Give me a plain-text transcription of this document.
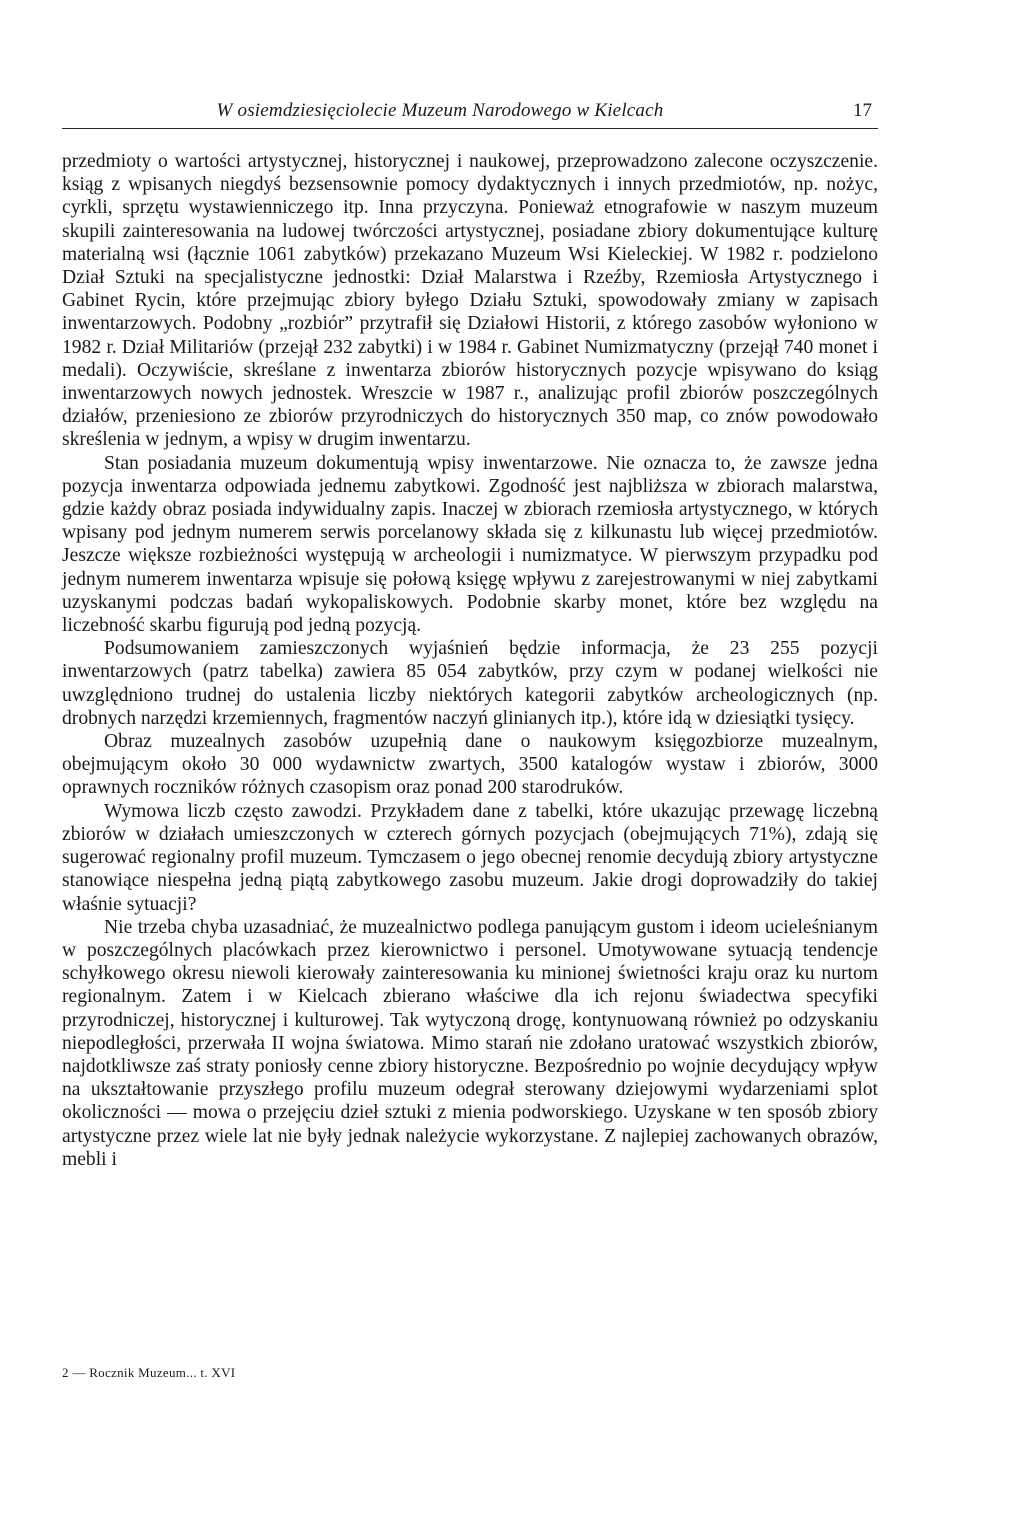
W osiemdziesięciolecie Muzeum Narodowego w Kielcach	17

przedmioty o wartości artystycznej, historycznej i naukowej, przeprowadzono zalecone oczyszczenie. ksiąg z wpisanych niegdyś bezsensownie pomocy dydaktycznych i innych przedmiotów, np. nożyc, cyrkli, sprzętu wystawienniczego itp. Inna przyczyna. Ponieważ etnografowie w naszym muzeum skupili zainteresowania na ludowej twórczości artystycznej, posiadane zbiory dokumentujące kulturę materialną wsi (łącznie 1061 zabytków) przekazano Muzeum Wsi Kieleckiej. W 1982 r. podzielono Dział Sztuki na specjalistyczne jednostki: Dział Malarstwa i Rzeźby, Rzemiosła Artystycznego i Gabinet Rycin, które przejmując zbiory byłego Działu Sztuki, spowodowały zmiany w zapisach inwentarzowych. Podobny „rozbiór” przytrafił się Działowi Historii, z którego zasobów wyłoniono w 1982 r. Dział Militariów (przejął 232 zabytki) i w 1984 r. Gabinet Numizmatyczny (przejął 740 monet i medali). Oczywiście, skreślane z inwentarza zbiorów historycznych pozycje wpisywano do ksiąg inwentarzowych nowych jednostek. Wreszcie w 1987 r., analizując profil zbiorów poszczególnych działów, przeniesiono ze zbiorów przyrodniczych do historycznych 350 map, co znów powodowało skreślenia w jednym, a wpisy w drugim inwentarzu.

Stan posiadania muzeum dokumentują wpisy inwentarzowe. Nie oznacza to, że zawsze jedna pozycja inwentarza odpowiada jednemu zabytkowi. Zgodność jest najbliższa w zbiorach malarstwa, gdzie każdy obraz posiada indywidualny zapis. Inaczej w zbiorach rzemiosła artystycznego, w których wpisany pod jednym numerem serwis porcelanowy składa się z kilkunastu lub więcej przedmiotów. Jeszcze większe rozbieżności występują w archeologii i numizmatyce. W pierwszym przypadku pod jednym numerem inwentarza wpisuje się połową księgę wpływu z zarejestrowanymi w niej zabytkami uzyskanymi podczas badań wykopaliskowych. Podobnie skarby monet, które bez względu na liczebność skarbu figurują pod jedną pozycją.

Podsumowaniem zamieszczonych wyjaśnień będzie informacja, że 23 255 pozycji inwentarzowych (patrz tabelka) zawiera 85 054 zabytków, przy czym w podanej wielkości nie uwzględniono trudnej do ustalenia liczby niektórych kategorii zabytków archeologicznych (np. drobnych narzędzi krzemiennych, fragmentów naczyń glinianych itp.), które idą w dziesiątki tysięcy.

Obraz muzealnych zasobów uzupełnią dane o naukowym księgozbiorze muzealnym, obejmującym około 30 000 wydawnictw zwartych, 3500 katalogów wystaw i zbiorów, 3000 oprawnych roczników różnych czasopism oraz ponad 200 starodruków.

Wymowa liczb często zawodzi. Przykładem dane z tabelki, które ukazując przewagę liczebną zbiorów w działach umieszczonych w czterech górnych pozycjach (obejmujących 71%), zdają się sugerować regionalny profil muzeum. Tymczasem o jego obecnej renomie decydują zbiory artystyczne stanowiące niespełna jedną piątą zabytkowego zasobu muzeum. Jakie drogi doprowadziły do takiej właśnie sytuacji?

Nie trzeba chyba uzasadniać, że muzealnictwo podlega panującym gustom i ideom ucieleśnianym w poszczególnych placówkach przez kierownictwo i personel. Umotywowane sytuacją tendencje schyłkowego okresu niewoli kierowały zainteresowania ku minionej świetności kraju oraz ku nurtom regionalnym. Zatem i w Kielcach zbierano właściwe dla ich rejonu świadectwa specyfiki przyrodniczej, historycznej i kulturowej. Tak wytyczoną drogę, kontynuowaną również po odzyskaniu niepodległości, przerwała II wojna światowa. Mimo starań nie zdołano uratować wszystkich zbiorów, najdotkliwsze zaś straty poniosły cenne zbiory historyczne. Bezpośrednio po wojnie decydujący wpływ na ukształtowanie przyszłego profilu muzeum odegrał sterowany dziejowymi wydarzeniami splot okoliczności — mowa o przejęciu dzieł sztuki z mienia podworskiego. Uzyskane w ten sposób zbiory artystyczne przez wiele lat nie były jednak należycie wykorzystane. Z najlepiej zachowanych obrazów, mebli i

2 — Rocznik Muzeum... t. XVI
